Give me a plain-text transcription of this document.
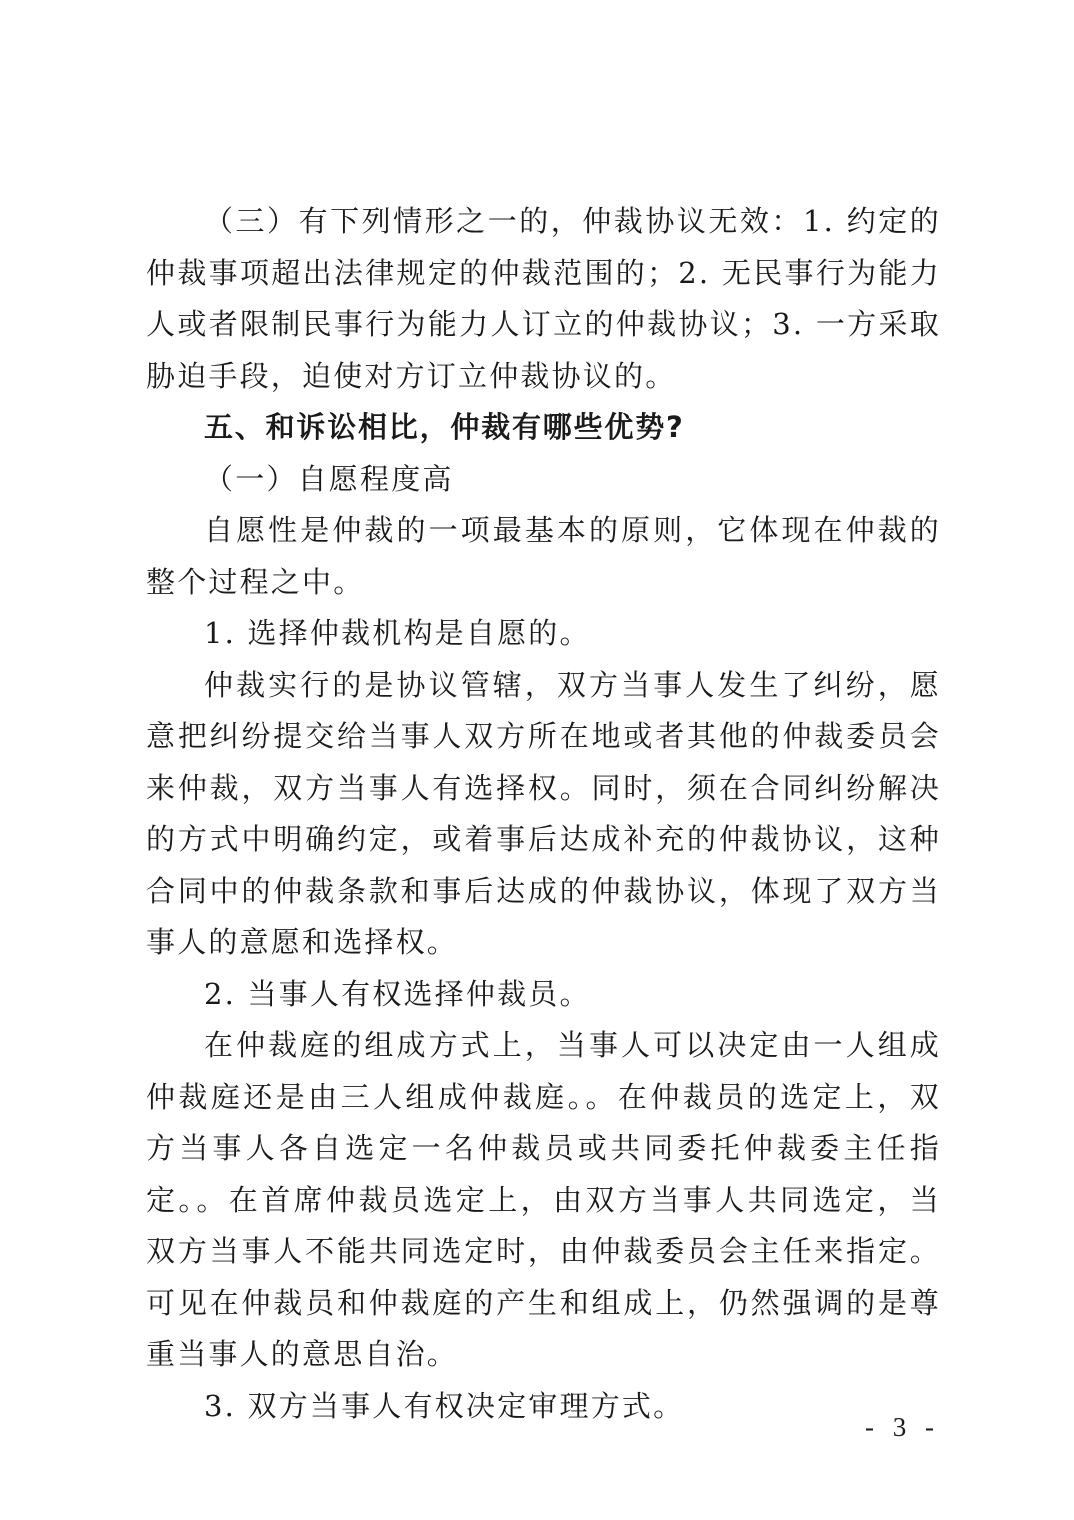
（三）有下列情形之一的，仲裁协议无效：1. 约定的仲裁事项超出法律规定的仲裁范围的；2. 无民事行为能力人或者限制民事行为能力人订立的仲裁协议；3. 一方采取胁迫手段，迫使对方订立仲裁协议的。

五、和诉讼相比，仲裁有哪些优势?

（一）自愿程度高

自愿性是仲裁的一项最基本的原则，它体现在仲裁的整个过程之中。

1. 选择仲裁机构是自愿的。

仲裁实行的是协议管辖，双方当事人发生了纠纷，愿意把纠纷提交给当事人双方所在地或者其他的仲裁委员会来仲裁，双方当事人有选择权。同时，须在合同纠纷解决的方式中明确约定，或着事后达成补充的仲裁协议，这种合同中的仲裁条款和事后达成的仲裁协议，体现了双方当事人的意愿和选择权。

2. 当事人有权选择仲裁员。

在仲裁庭的组成方式上，当事人可以决定由一人组成仲裁庭还是由三人组成仲裁庭。。在仲裁员的选定上，双方当事人各自选定一名仲裁员或共同委托仲裁委主任指定。。在首席仲裁员选定上，由双方当事人共同选定，当双方当事人不能共同选定时，由仲裁委员会主任来指定。可见在仲裁员和仲裁庭的产生和组成上，仍然强调的是尊重当事人的意思自治。

3. 双方当事人有权决定审理方式。

- 3 -
